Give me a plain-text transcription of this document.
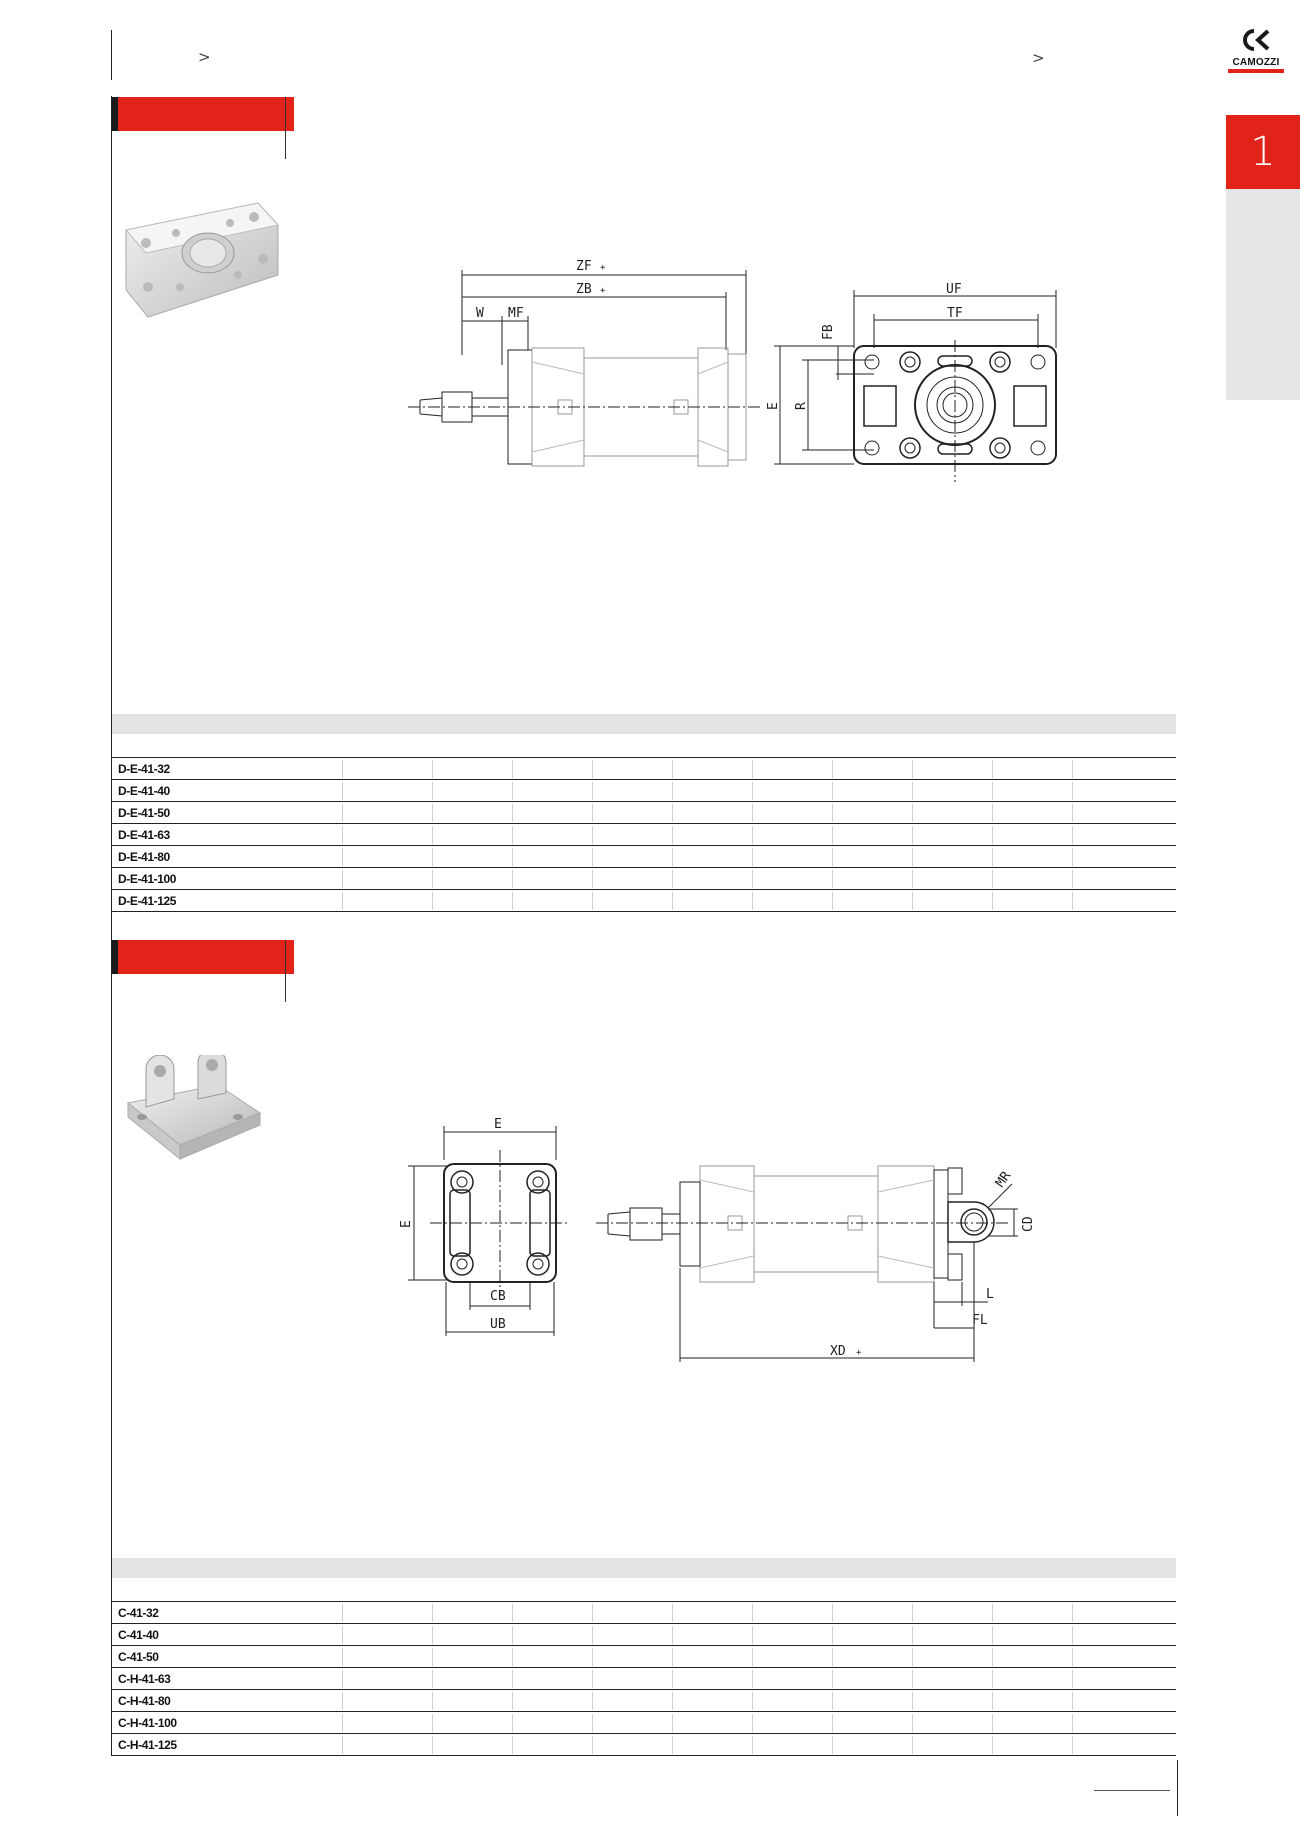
>	>	CAMOZZI
1
ZF +
ZB +
W MF
UF
TF
E R
FB
D-E-41-32
D-E-41-40
D-E-41-50
D-E-41-63
D-E-41-80
D-E-41-100
D-E-41-125
E
E
CB
UB
MR
CD
L
FL
XD +
C-41-32
C-41-40
C-41-50
C-H-41-63
C-H-41-80
C-H-41-100
C-H-41-125
